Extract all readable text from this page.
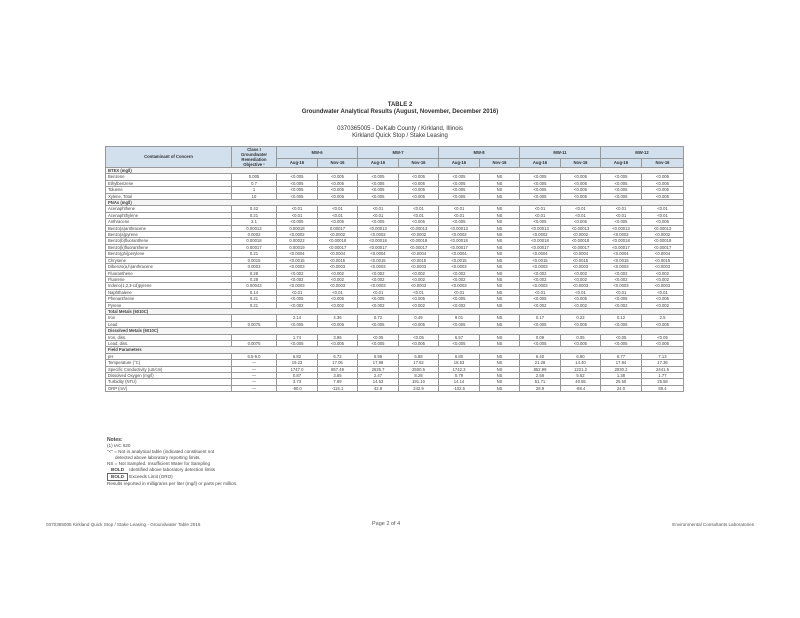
TABLE 2
Groundwater Analytical Results (August, November, December 2016)
0370365005 - DeKalb County / Kirkland, Illinois
Kirkland Quick Stop / Stake Leasing
Contaminant of Concern	Class I Groundwater Remediation Objective ¹	MW-6		MW-7		MW-8		MW-11		MW-12	
		Aug-16	Nov-16	Aug-16	Nov-16	Aug-16	Nov-16	Aug-16	Nov-16	Aug-16	Nov-16
BTEX (mg/l)											
Benzene	0.005	<0.005	<0.005	<0.005	<0.005	<0.005	NS	<0.005	<0.005	<0.005	<0.005
Ethylbenzene	0.7	<0.005	<0.005	<0.005	<0.005	<0.005	NS	<0.005	<0.005	<0.005	<0.005
Toluene	1	<0.005	<0.005	<0.005	<0.005	<0.005	NS	<0.005	<0.005	<0.005	<0.005
Xylene, Total	10	<0.005	<0.005	<0.005	<0.005	<0.005	NS	<0.005	<0.005	<0.005	<0.005
PNAs (mg/l)											
Acenaphthene	0.42	<0.01	<0.01	<0.01	<0.01	<0.01	NS	<0.01	<0.01	<0.01	<0.01
Acenaphthylene	0.21	<0.01	<0.01	<0.01	<0.01	<0.01	NS	<0.01	<0.01	<0.01	<0.01
Anthracene	2.1	<0.005	<0.005	<0.005	<0.005	<0.005	NS	<0.005	<0.005	<0.005	<0.005
Benzo(a)anthracene	0.00013	0.00018	0.00017	<0.00013	<0.00013	<0.00013	NS	<0.00013	<0.00013	<0.00013	<0.00013
Benzo(a)pyrene	0.0002	<0.0002	<0.0002	<0.0002	<0.0002	<0.0002	NS	<0.0002	<0.0002	<0.0002	<0.0002
Benzo(b)fluoranthene	0.00018	0.00022	<0.00018	<0.00018	<0.00018	<0.00018	NS	<0.00018	<0.00018	<0.00018	<0.00018
Benzo(k)fluoranthene	0.00017	0.00019	<0.00017	<0.00017	<0.00017	<0.00017	NS	<0.00017	<0.00017	<0.00017	<0.00017
Benzo(ghi)perylene	0.21	<0.0004	<0.0004	<0.0004	<0.0004	<0.0004	NS	<0.0004	<0.0004	<0.0004	<0.0004
Chrysene	0.0015	<0.0015	<0.0015	<0.0015	<0.0015	<0.0015	NS	<0.0015	<0.0015	<0.0015	<0.0015
Dibenzo(a,h)anthracene	0.0003	<0.0003	<0.0003	<0.0003	<0.0003	<0.0003	NS	<0.0003	<0.0003	<0.0003	<0.0003
Fluoranthene	0.28	<0.002	<0.002	<0.002	<0.002	<0.002	NS	<0.002	<0.002	<0.002	<0.002
Fluorene	0.28	<0.002	<0.002	<0.002	<0.002	<0.002	NS	<0.002	<0.002	<0.002	<0.002
Indeno(1,2,3-cd)pyrene	0.00043	<0.0003	<0.0003	<0.0003	<0.0003	<0.0003	NS	<0.0003	<0.0003	<0.0003	<0.0003
Naphthalene	0.14	<0.01	<0.01	<0.01	<0.01	<0.01	NS	<0.01	<0.01	<0.01	<0.01
Phenanthrene	0.21	<0.005	<0.005	<0.005	<0.005	<0.005	NS	<0.005	<0.005	<0.005	<0.005
Pyrene	0.21	<0.002	<0.002	<0.002	<0.002	<0.002	NS	<0.002	<0.002	<0.002	<0.002
Total Metals (6010C)											
Iron		2.14	4.36	0.72	0.49	9.01	NS	0.17	0.22	0.12	2.5
Lead	0.0075	<0.005	<0.005	<0.005	<0.005	<0.005	NS	<0.005	<0.005	<0.005	<0.005
Dissolved Metals (6010C)											
Iron, diss.		1.74	3.96	<0.05	<0.05	6.57	NS	0.09	0.05	<0.05	<0.05
Lead, diss.	0.0075	<0.005	<0.005	<0.005	<0.005	<0.005	NS	<0.005	<0.005	<0.005	<0.005
Field Parameters											
pH	6.5-9.0	6.82	6.72	6.99	6.88	6.80	NS	6.40	6.80	6.77	7.13
Temperature (°C)	—	19.23	17.05	17.98	17.62	18.53	NS	21.28	14.40	17.84	17.36
Specific Conductivity (uS/cm)	—	1747.0	857.49	2635.7	2500.5	1742.3	NS	852.99	1221.2	2030.2	2441.5
Dissolved Oxygen (mg/l)	—	0.87	3.65	2.47	8.28	0.79	NS	2.56	5.62	1.38	1.77
Turbidity (NTU)	—	3.73	7.89	14.53	191.10	14.14	NS	51.71	40.55	25.50	25.58
ORP (mV)	—	-90.0	-115.1	42.8	242.9	-102.5	NS	28.9	-88.4	24.0	89.4
Notes:
(1) IAC 620
"<" = Not in analytical table (indicated constituent not
detected above laboratory reporting limits.
NS = Not Sampled. Insufficient Water for Sampling
BOLD Identified above laboratory detection limits
BOLD Exceeds Limit (GRO)
Results reported in milligrams per liter (mg/l) or parts per million.
0370365005 Kirkland Quick Stop / Stake Leasing - Groundwater Table 2016	Page 2 of 4	Environmental Consultants Laboratories
